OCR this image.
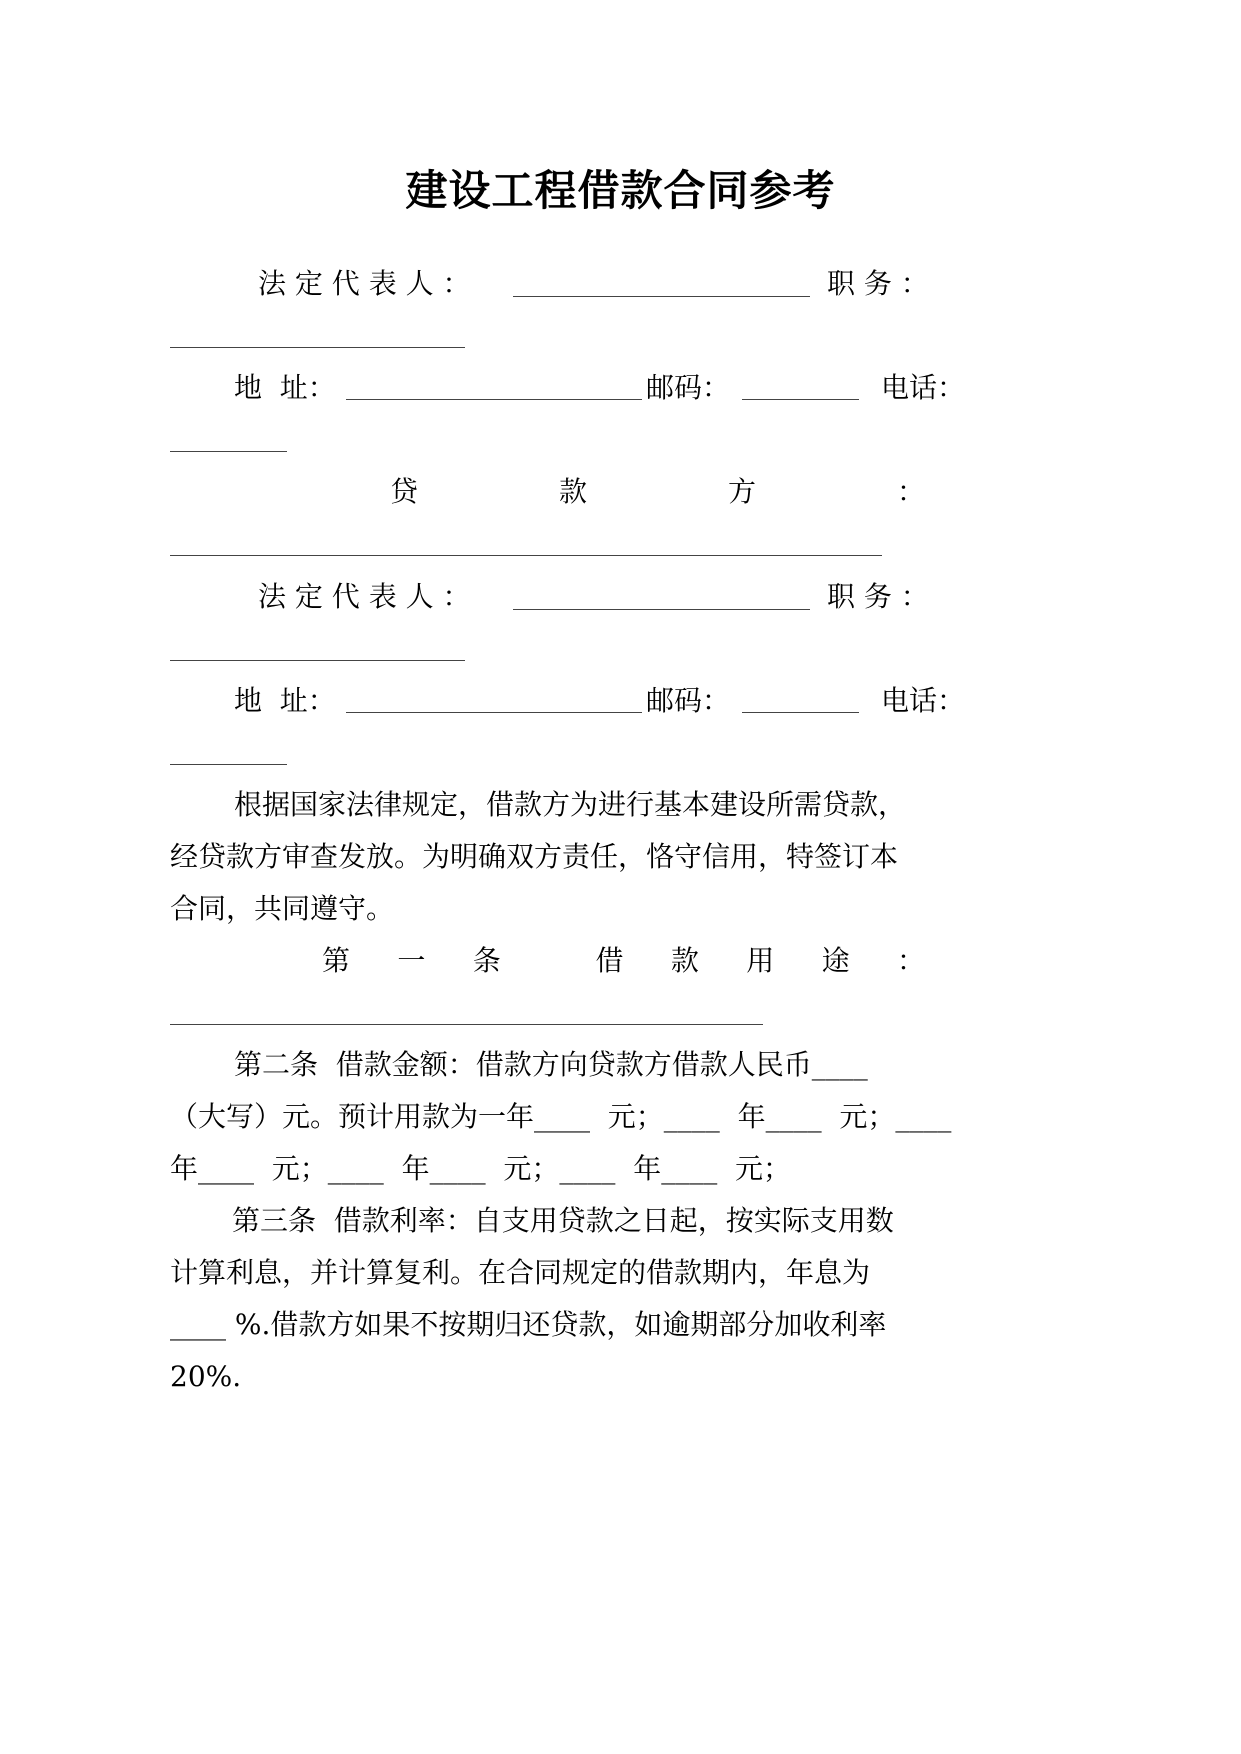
建设工程借款合同参考
法 定 代 表 人 ：	职 务 ：
地  址：	邮码：	电话：
贷	款	方	：
法 定 代 表 人 ：	职 务 ：
地  址：	邮码：	电话：
根据国家法律规定，借款方为进行基本建设所需贷款，
经贷款方审查发放。为明确双方责任，恪守信用，特签订本
合同，共同遵守。
第 一 条	借 款 用 途 ：
第二条  借款金额：借款方向贷款方借款人民币____
（大写）元。预计用款为一年____  元；____  年____  元；____
年____  元；____  年____  元；____  年____  元；
第三条  借款利率：自支用贷款之日起，按实际支用数
计算利息，并计算复利。在合同规定的借款期内，年息为
____ %.借款方如果不按期归还贷款，如逾期部分加收利率
20%.
